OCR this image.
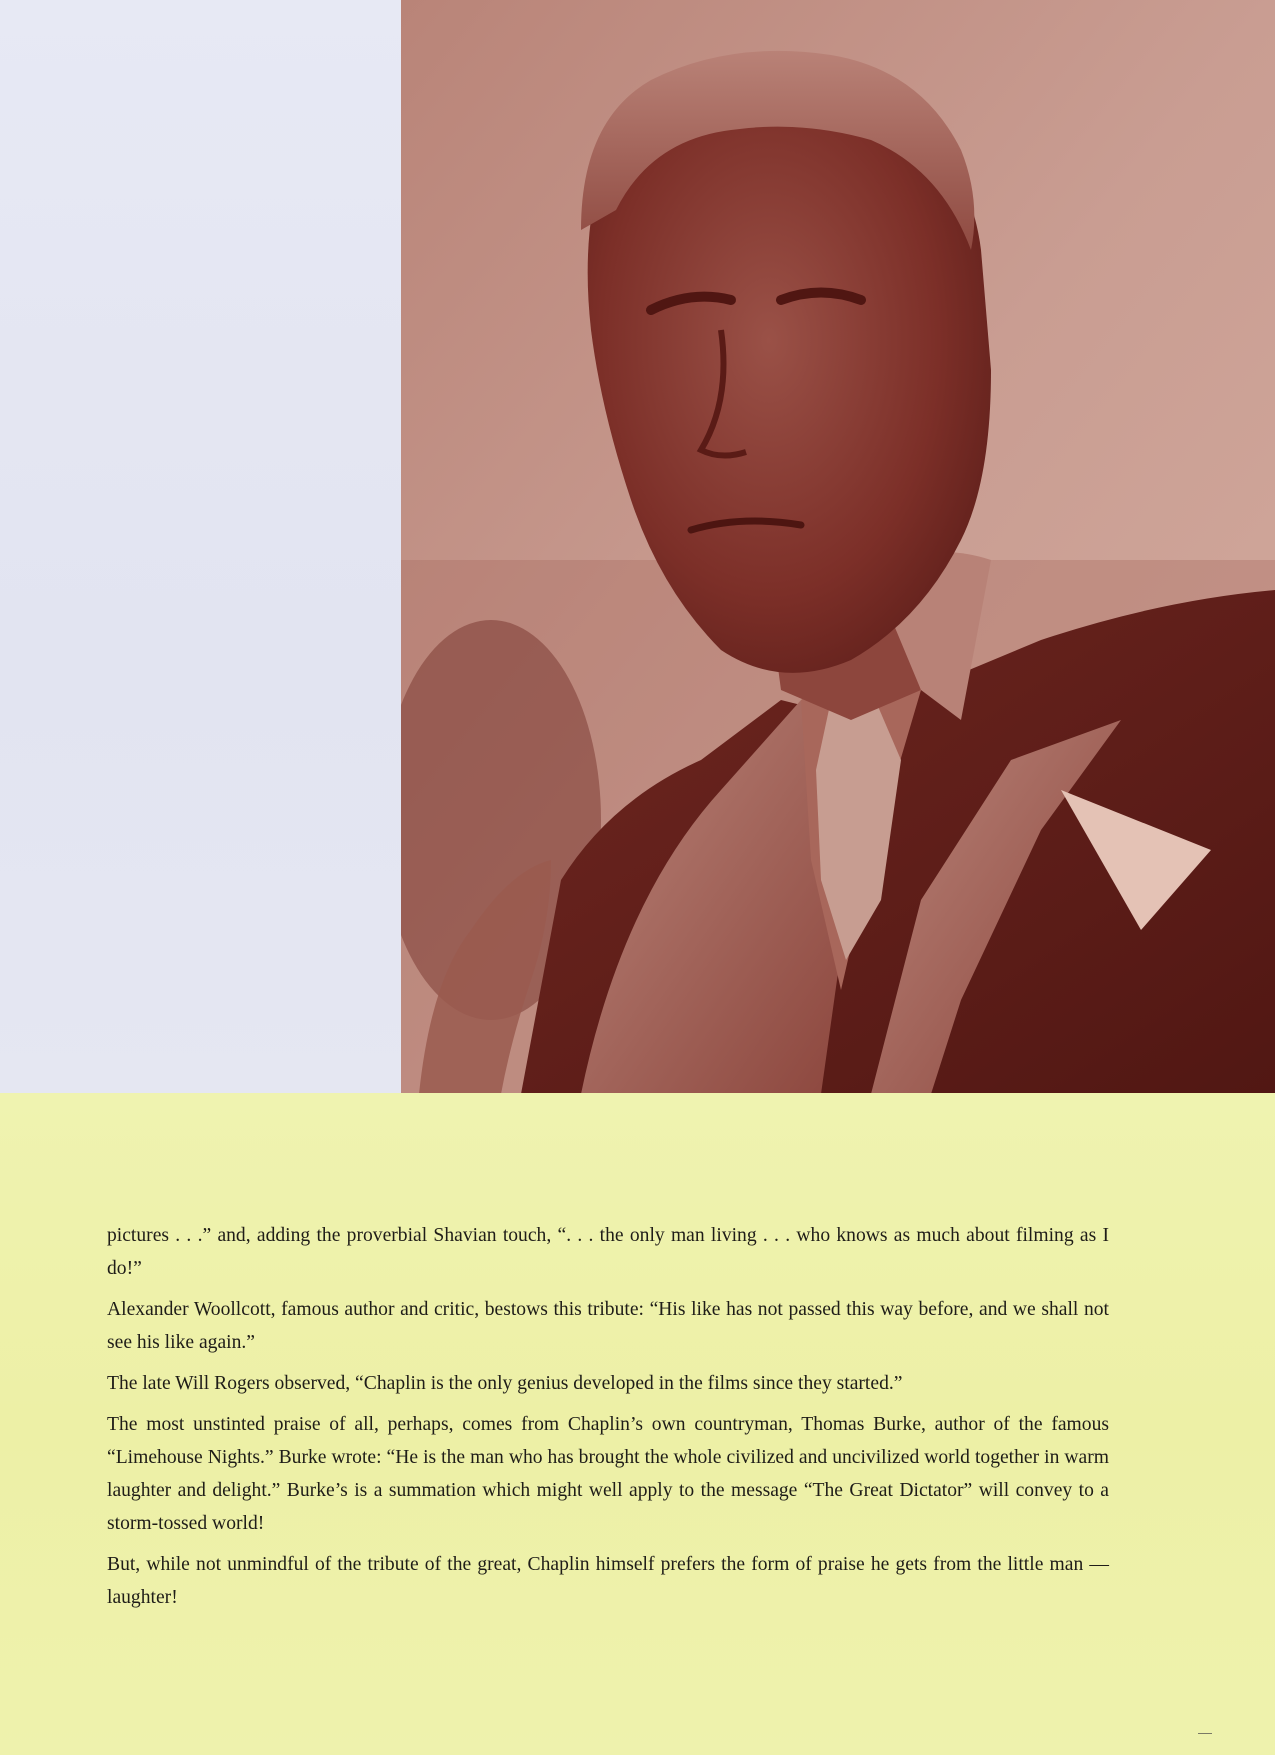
pictures . . .” and, adding the proverbial Shavian touch, “. . . the only man living . . . who knows as much about filming as I do!”

Alexander Woollcott, famous author and critic, bestows this tribute: “His like has not passed this way before, and we shall not see his like again.”

The late Will Rogers observed, “Chaplin is the only genius developed in the films since they started.”

The most unstinted praise of all, perhaps, comes from Chaplin’s own countryman, Thomas Burke, author of the famous “Limehouse Nights.” Burke wrote: “He is the man who has brought the whole civilized and uncivilized world together in warm laughter and delight.” Burke’s is a summation which might well apply to the message “The Great Dictator” will convey to a storm-tossed world!

But, while not unmindful of the tribute of the great, Chaplin himself prefers the form of praise he gets from the little man — laughter!
